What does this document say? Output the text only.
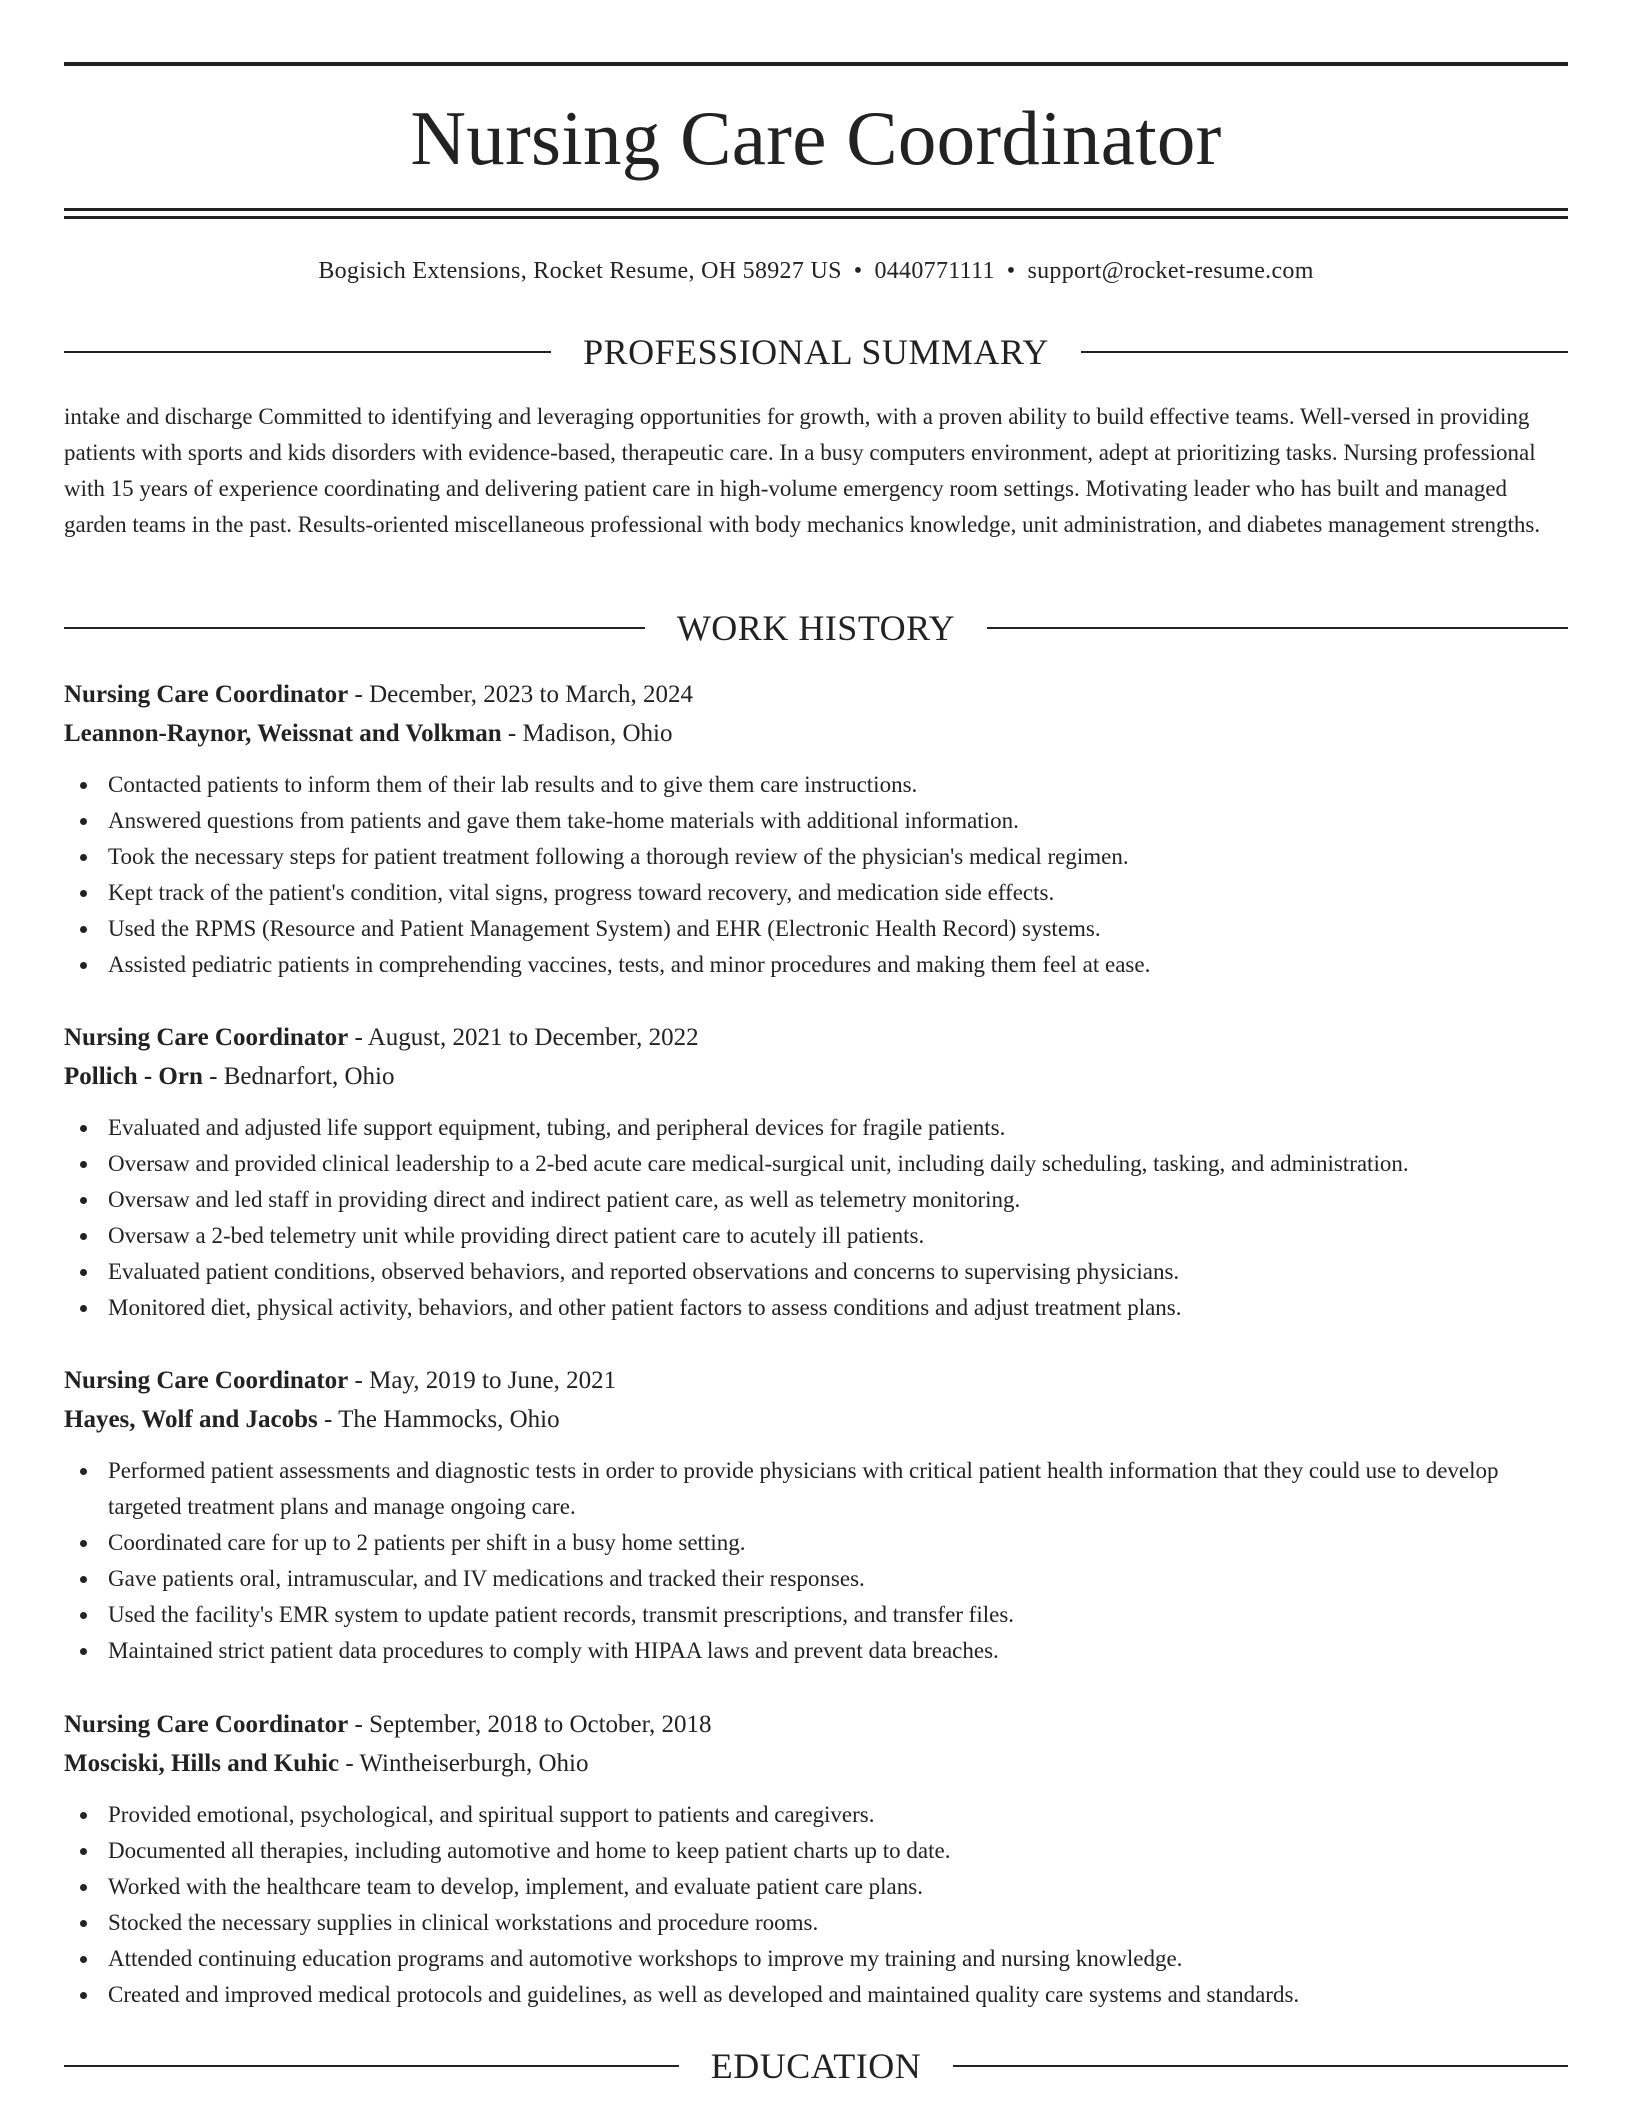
Nursing Care Coordinator
Bogisich Extensions, Rocket Resume, OH 58927 US • 0440771111 • support@rocket-resume.com
PROFESSIONAL SUMMARY

intake and discharge Committed to identifying and leveraging opportunities for growth, with a proven ability to build effective teams. Well-versed in providing patients with sports and kids disorders with evidence-based, therapeutic care. In a busy computers environment, adept at prioritizing tasks. Nursing professional with 15 years of experience coordinating and delivering patient care in high-volume emergency room settings. Motivating leader who has built and managed garden teams in the past. Results-oriented miscellaneous professional with body mechanics knowledge, unit administration, and diabetes management strengths.

WORK HISTORY
Nursing Care Coordinator - December, 2023 to March, 2024
Leannon-Raynor, Weissnat and Volkman - Madison, Ohio
Contacted patients to inform them of their lab results and to give them care instructions.
Answered questions from patients and gave them take-home materials with additional information.
Took the necessary steps for patient treatment following a thorough review of the physician's medical regimen.
Kept track of the patient's condition, vital signs, progress toward recovery, and medication side effects.
Used the RPMS (Resource and Patient Management System) and EHR (Electronic Health Record) systems.
Assisted pediatric patients in comprehending vaccines, tests, and minor procedures and making them feel at ease.
Nursing Care Coordinator - August, 2021 to December, 2022
Pollich - Orn - Bednarfort, Ohio
Evaluated and adjusted life support equipment, tubing, and peripheral devices for fragile patients.
Oversaw and provided clinical leadership to a 2-bed acute care medical-surgical unit, including daily scheduling, tasking, and administration.
Oversaw and led staff in providing direct and indirect patient care, as well as telemetry monitoring.
Oversaw a 2-bed telemetry unit while providing direct patient care to acutely ill patients.
Evaluated patient conditions, observed behaviors, and reported observations and concerns to supervising physicians.
Monitored diet, physical activity, behaviors, and other patient factors to assess conditions and adjust treatment plans.
Nursing Care Coordinator - May, 2019 to June, 2021
Hayes, Wolf and Jacobs - The Hammocks, Ohio
Performed patient assessments and diagnostic tests in order to provide physicians with critical patient health information that they could use to develop targeted treatment plans and manage ongoing care.
Coordinated care for up to 2 patients per shift in a busy home setting.
Gave patients oral, intramuscular, and IV medications and tracked their responses.
Used the facility's EMR system to update patient records, transmit prescriptions, and transfer files.
Maintained strict patient data procedures to comply with HIPAA laws and prevent data breaches.
Nursing Care Coordinator - September, 2018 to October, 2018
Mosciski, Hills and Kuhic - Wintheiserburgh, Ohio
Provided emotional, psychological, and spiritual support to patients and caregivers.
Documented all therapies, including automotive and home to keep patient charts up to date.
Worked with the healthcare team to develop, implement, and evaluate patient care plans.
Stocked the necessary supplies in clinical workstations and procedure rooms.
Attended continuing education programs and automotive workshops to improve my training and nursing knowledge.
Created and improved medical protocols and guidelines, as well as developed and maintained quality care systems and standards.
EDUCATION
